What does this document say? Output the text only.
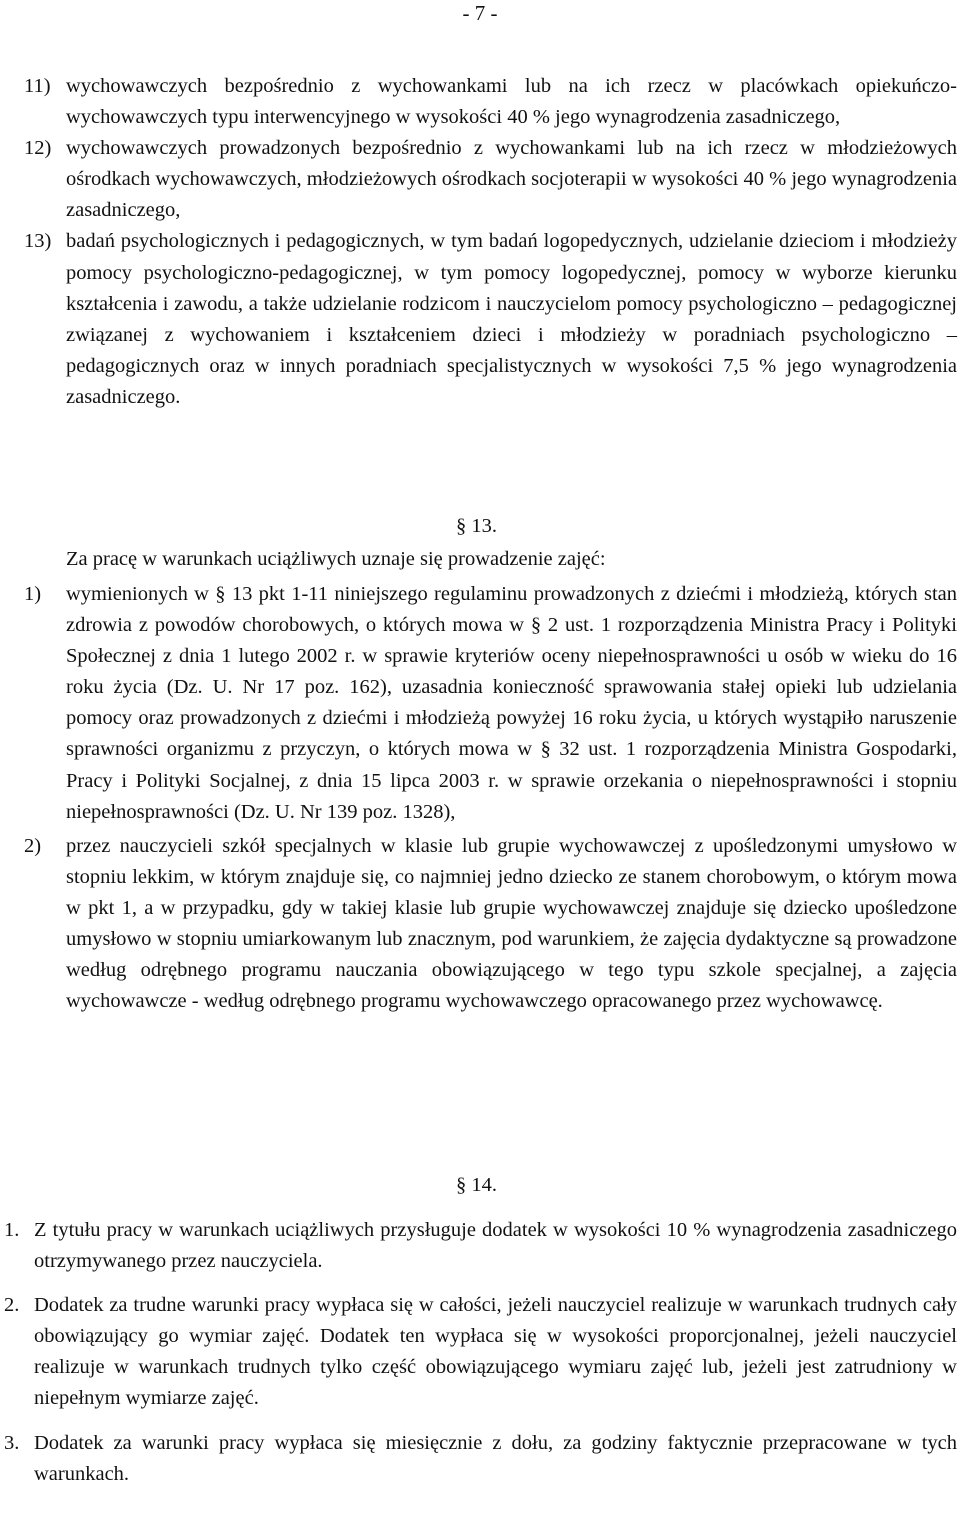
- 7 -
11) wychowawczych bezpośrednio z wychowankami lub na ich rzecz w placówkach opiekuńczo-wychowawczych typu interwencyjnego w wysokości 40 % jego wynagrodzenia zasadniczego,
12) wychowawczych prowadzonych bezpośrednio z wychowankami lub na ich rzecz w młodzieżowych ośrodkach wychowawczych, młodzieżowych ośrodkach socjoterapii w wysokości 40 % jego wynagrodzenia zasadniczego,
13) badań psychologicznych i pedagogicznych, w tym badań logopedycznych, udzielanie dzieciom i młodzieży pomocy psychologiczno-pedagogicznej, w tym pomocy logopedycznej, pomocy w wyborze kierunku kształcenia i zawodu, a także udzielanie rodzicom i nauczycielom pomocy psychologiczno – pedagogicznej związanej z wychowaniem i kształceniem dzieci i młodzieży w poradniach psychologiczno – pedagogicznych oraz w innych poradniach specjalistycznych w wysokości 7,5 % jego wynagrodzenia zasadniczego.
§ 13.
Za pracę w warunkach uciążliwych uznaje się prowadzenie zajęć:
1) wymienionych w § 13 pkt 1-11 niniejszego regulaminu prowadzonych z dziećmi i młodzieżą, których stan zdrowia z powodów chorobowych, o których mowa w § 2 ust. 1 rozporządzenia Ministra Pracy i Polityki Społecznej z dnia 1 lutego 2002 r. w sprawie kryteriów oceny niepełnosprawności u osób w wieku do 16 roku życia (Dz. U. Nr 17 poz. 162), uzasadnia konieczność sprawowania stałej opieki lub udzielania pomocy oraz prowadzonych z dziećmi i młodzieżą powyżej 16 roku życia, u których wystąpiło naruszenie sprawności organizmu z przyczyn, o których mowa w § 32 ust. 1 rozporządzenia Ministra Gospodarki, Pracy i Polityki Socjalnej, z dnia 15 lipca 2003 r. w sprawie orzekania o niepełnosprawności i stopniu niepełnosprawności (Dz. U. Nr 139 poz. 1328),
2) przez nauczycieli szkół specjalnych w klasie lub grupie wychowawczej z upośledzonymi umysłowo w stopniu lekkim, w którym znajduje się, co najmniej jedno dziecko ze stanem chorobowym, o którym mowa w pkt 1, a w przypadku, gdy w takiej klasie lub grupie wychowawczej znajduje się dziecko upośledzone umysłowo w stopniu umiarkowanym lub znacznym, pod warunkiem, że zajęcia dydaktyczne są prowadzone według odrębnego programu nauczania obowiązującego w tego typu szkole specjalnej, a zajęcia wychowawcze - według odrębnego programu wychowawczego opracowanego przez wychowawcę.
§ 14.
1. Z tytułu pracy w warunkach uciążliwych przysługuje dodatek w wysokości 10 % wynagrodzenia zasadniczego otrzymywanego przez nauczyciela.
2. Dodatek za trudne warunki pracy wypłaca się w całości, jeżeli nauczyciel realizuje w warunkach trudnych cały obowiązujący go wymiar zajęć. Dodatek ten wypłaca się w wysokości proporcjonalnej, jeżeli nauczyciel realizuje w warunkach trudnych tylko część obowiązującego wymiaru zajęć lub, jeżeli jest zatrudniony w niepełnym wymiarze zajęć.
3. Dodatek za warunki pracy wypłaca się miesięcznie z dołu, za godziny faktycznie przepracowane w tych warunkach.
